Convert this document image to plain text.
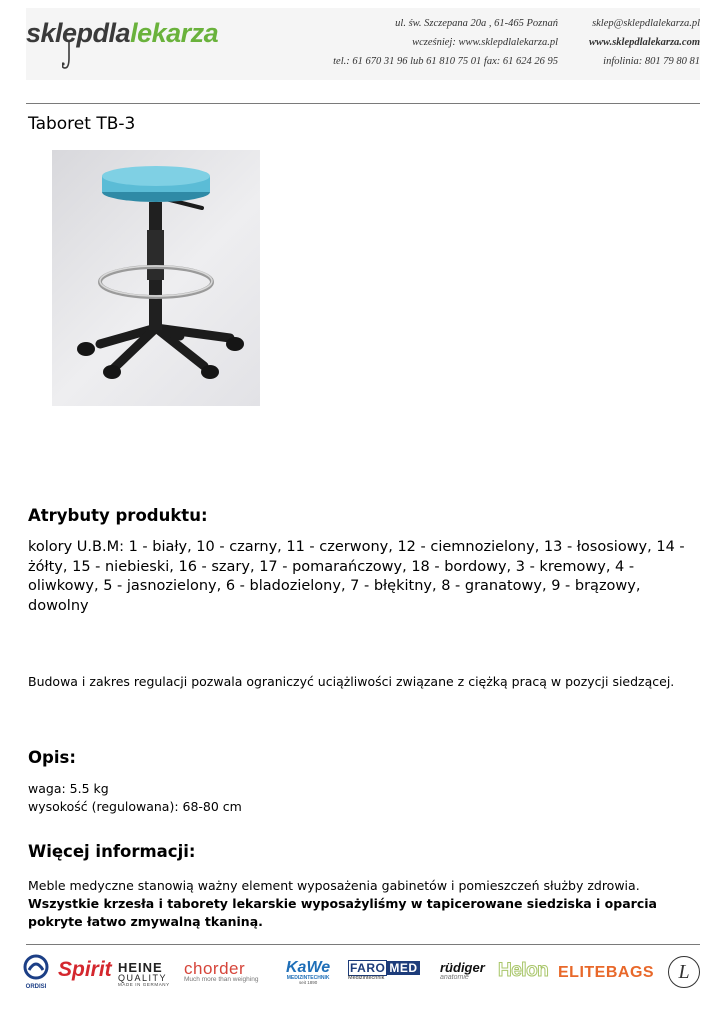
sklepdlalekarza	ul. św. Szczepana 20a , 61-465 Poznań
wcześniej: www.sklepdlalekarza.pl
tel.: 61 670 31 96 lub 61 810 75 01 fax: 61 624 26 95
sklep@sklepdlalekarza.pl
www.sklepdlalekarza.com
infolinia: 801 79 80 81
Taboret TB-3
Atrybuty produktu:
kolory U.B.M: 1 - biały, 10 - czarny, 11 - czerwony, 12 - ciemnozielony, 13 - łososiowy, 14 - żółty, 15 - niebieski, 16 - szary, 17 - pomarańczowy, 18 - bordowy, 3 - kremowy, 4 - oliwkowy, 5 - jasnozielony, 6 - bladozielony, 7 - błękitny, 8 - granatowy, 9 - brązowy, dowolny
Budowa i zakres regulacji pozwala ograniczyć uciążliwości związane z ciężką pracą w pozycji siedzącej.
Opis:
waga: 5.5 kg
wysokość (regulowana): 68-80 cm
Więcej informacji:
Meble medyczne stanowią ważny element wyposażenia gabinetów i pomieszczeń służby zdrowia.
Wszystkie krzesła i taborety lekarskie wyposażyliśmy w tapicerowane siedziska i oparcia pokryte łatwo zmywalną tkaniną.
ORDISI
Spirit HEINE
QUALITY
MADE IN GERMANY
chorder
Much more than weighing
KaWe
MEDIZINTECHNIK
seit 1890
FARO MED
Medizintechnik
rüdiger
anatomie	Helon ELITEBAGS	L
